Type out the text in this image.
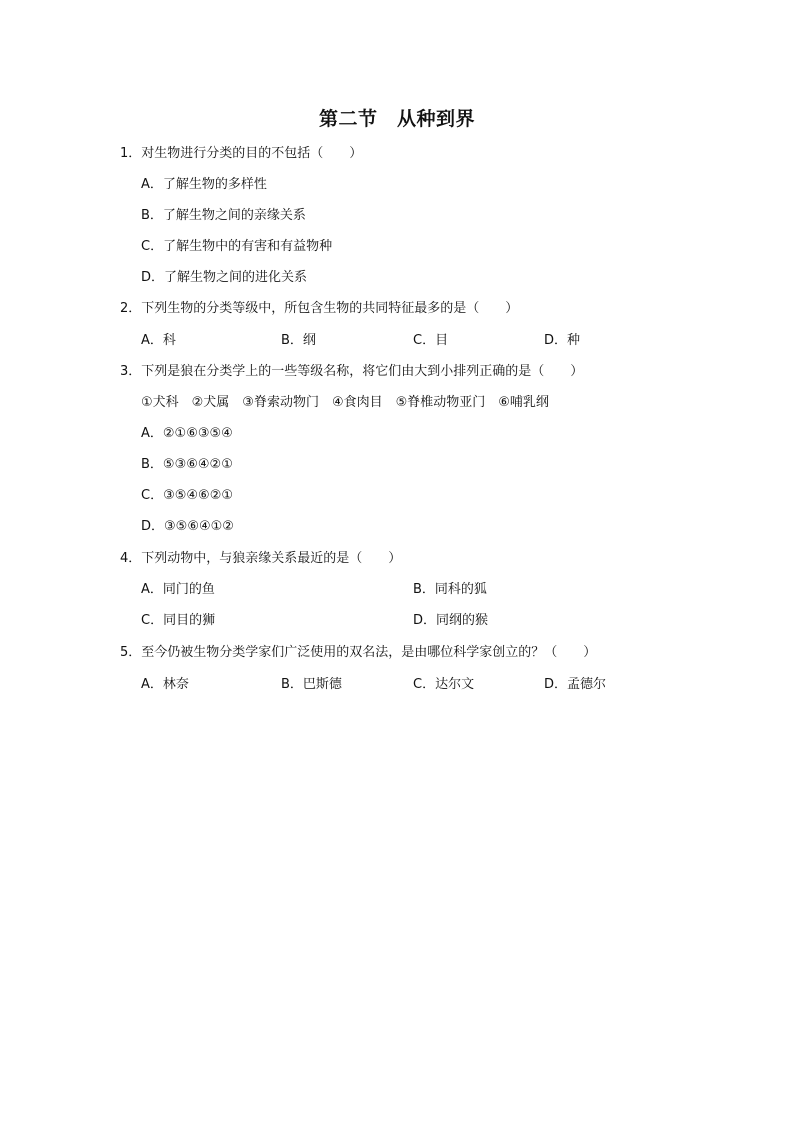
第二节　从种到界
1．对生物进行分类的目的不包括（　　）
A．了解生物的多样性
B．了解生物之间的亲缘关系
C．了解生物中的有害和有益物种
D．了解生物之间的进化关系
2．下列生物的分类等级中，所包含生物的共同特征最多的是（　　）
A．科	B．纲	C．目	D．种
3．下列是狼在分类学上的一些等级名称，将它们由大到小排列正确的是（　　）
①犬科　②犬属　③脊索动物门　④食肉目　⑤脊椎动物亚门　⑥哺乳纲
A．②①⑥③⑤④
B．⑤③⑥④②①
C．③⑤④⑥②①
D．③⑤⑥④①②
4．下列动物中，与狼亲缘关系最近的是（　　）
A．同门的鱼	B．同科的狐
C．同目的狮	D．同纲的猴
5．至今仍被生物分类学家们广泛使用的双名法，是由哪位科学家创立的？（　　）
A．林奈	B．巴斯德	C．达尔文	D．孟德尔
